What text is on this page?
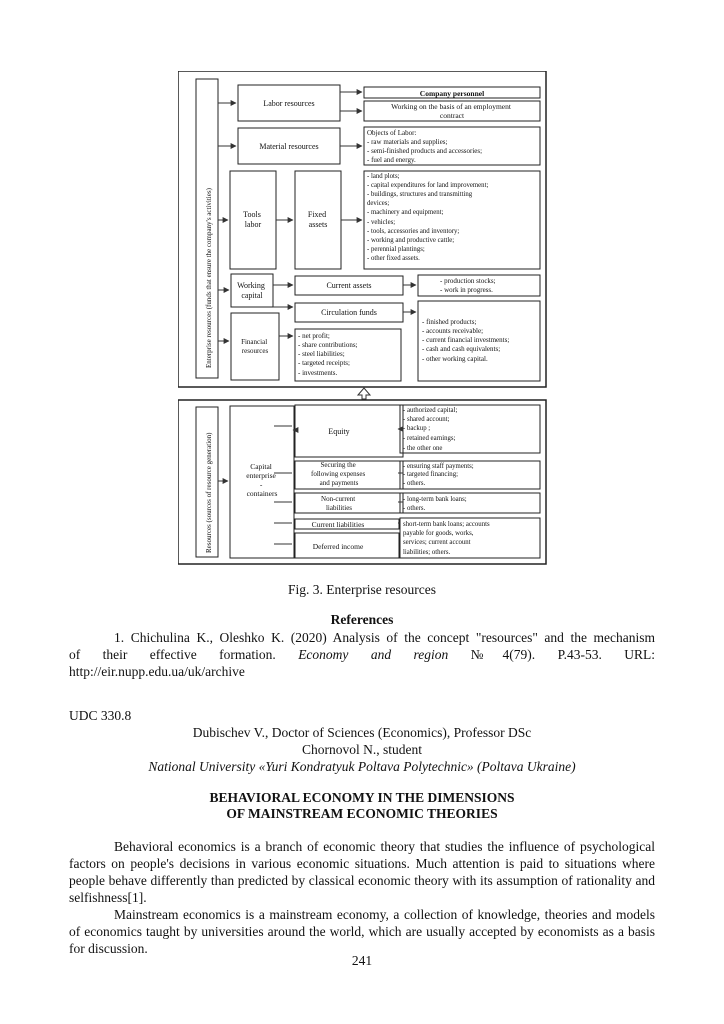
Enterprise resources (funds that ensure the company's activities)
Resources (sources of resource generation)
Labor resources
Material resources
Tools labor
Fixed assets
Working capital
Current assets
Circulation funds
Financial resources
- net profit; - share contributions; - steel liabilities; - targeted receipts; - investments.
Company personnel
Working on the basis of an employment contract
Objects of Labor: - raw materials and supplies; - semi-finished products and accessories; - fuel and energy.
- land plots; - capital expenditures for land improvement; - buildings, structures and transmitting devices; - machinery and equipment; - vehicles; - tools, accessories and inventory; - working and productive cattle; - perennial plantings; - other fixed assets.
- production stocks; - work in progress.
- finished products; - accounts receivable; - current financial investments; - cash and cash equivalents; - other working capital.
Capital enterprise - containers
Equity
Securing the following expenses and payments
Non-current liabilities
Current liabilities
Deferred income
- authorized capital; - shared account; - backup ; - retained earnings; - the other one
- ensuring staff payments; - targeted financing; - others.
- long-term bank loans; - others.
short-term bank loans; accounts payable for goods, works, services; current account liabilities; others.
Fig. 3. Enterprise resources
References
1. Chichulina K., Oleshko K. (2020) Analysis of the concept "resources" and the mechanism
of their effective formation. Economy and region №4(79). P.43-53. URL:
http://eir.nupp.edu.ua/uk/archive
UDC 330.8
Dubischev V., Doctor of Sciences (Economics), Professor DSc
Chornovol N., student
National University «Yuri Kondratyuk Poltava Polytechnic» (Poltava Ukraine)
BEHAVIORAL ECONOMY IN THE DIMENSIONS
OF MAINSTREAM ECONOMIC THEORIES

Behavioral economics is a branch of economic theory that studies the influence of psychological factors on people's decisions in various economic situations. Much attention is paid to situations where people behave differently than predicted by classical economic theory with its assumption of rationality and selfishness[1].

Mainstream economics is a mainstream economy, a collection of knowledge, theories and models of economics taught by universities around the world, which are usually accepted by economists as a basis for discussion.

241
